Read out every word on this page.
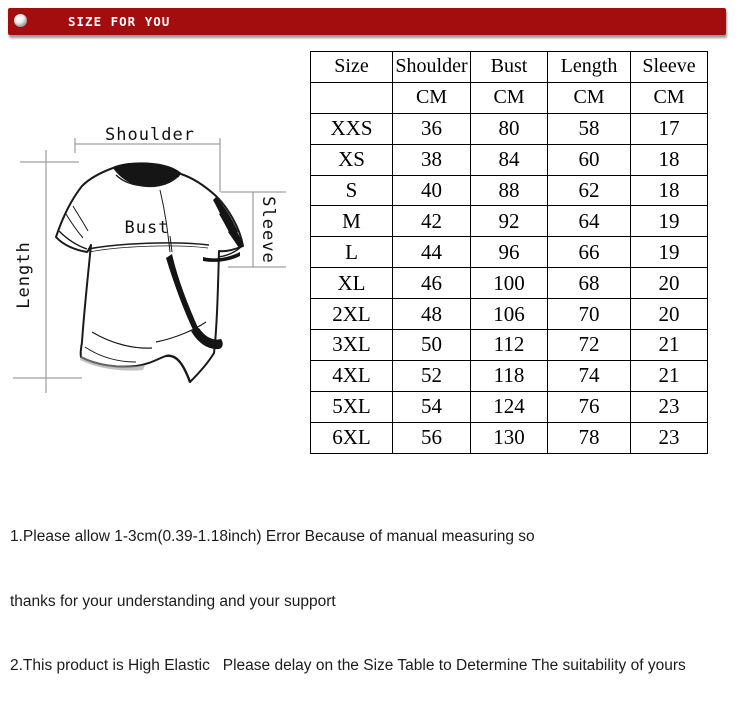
SIZE FOR YOU
Shoulder
Bust
Length
Sleeve
Size	Shoulder	Bust	Length	Sleeve
	CM	CM	CM	CM
XXS	36	80	58	17
XS	38	84	60	18
S	40	88	62	18
M	42	92	64	19
L	44	96	66	19
XL	46	100	68	20
2XL	48	106	70	20
3XL	50	112	72	21
4XL	52	118	74	21
5XL	54	124	76	23
6XL	56	130	78	23

1.Please allow 1-3cm(0.39-1.18inch) Error Because of manual measuring so

thanks for your understanding and your support

2.This product is High Elastic   Please delay on the Size Table to Determine The suitability of yours
